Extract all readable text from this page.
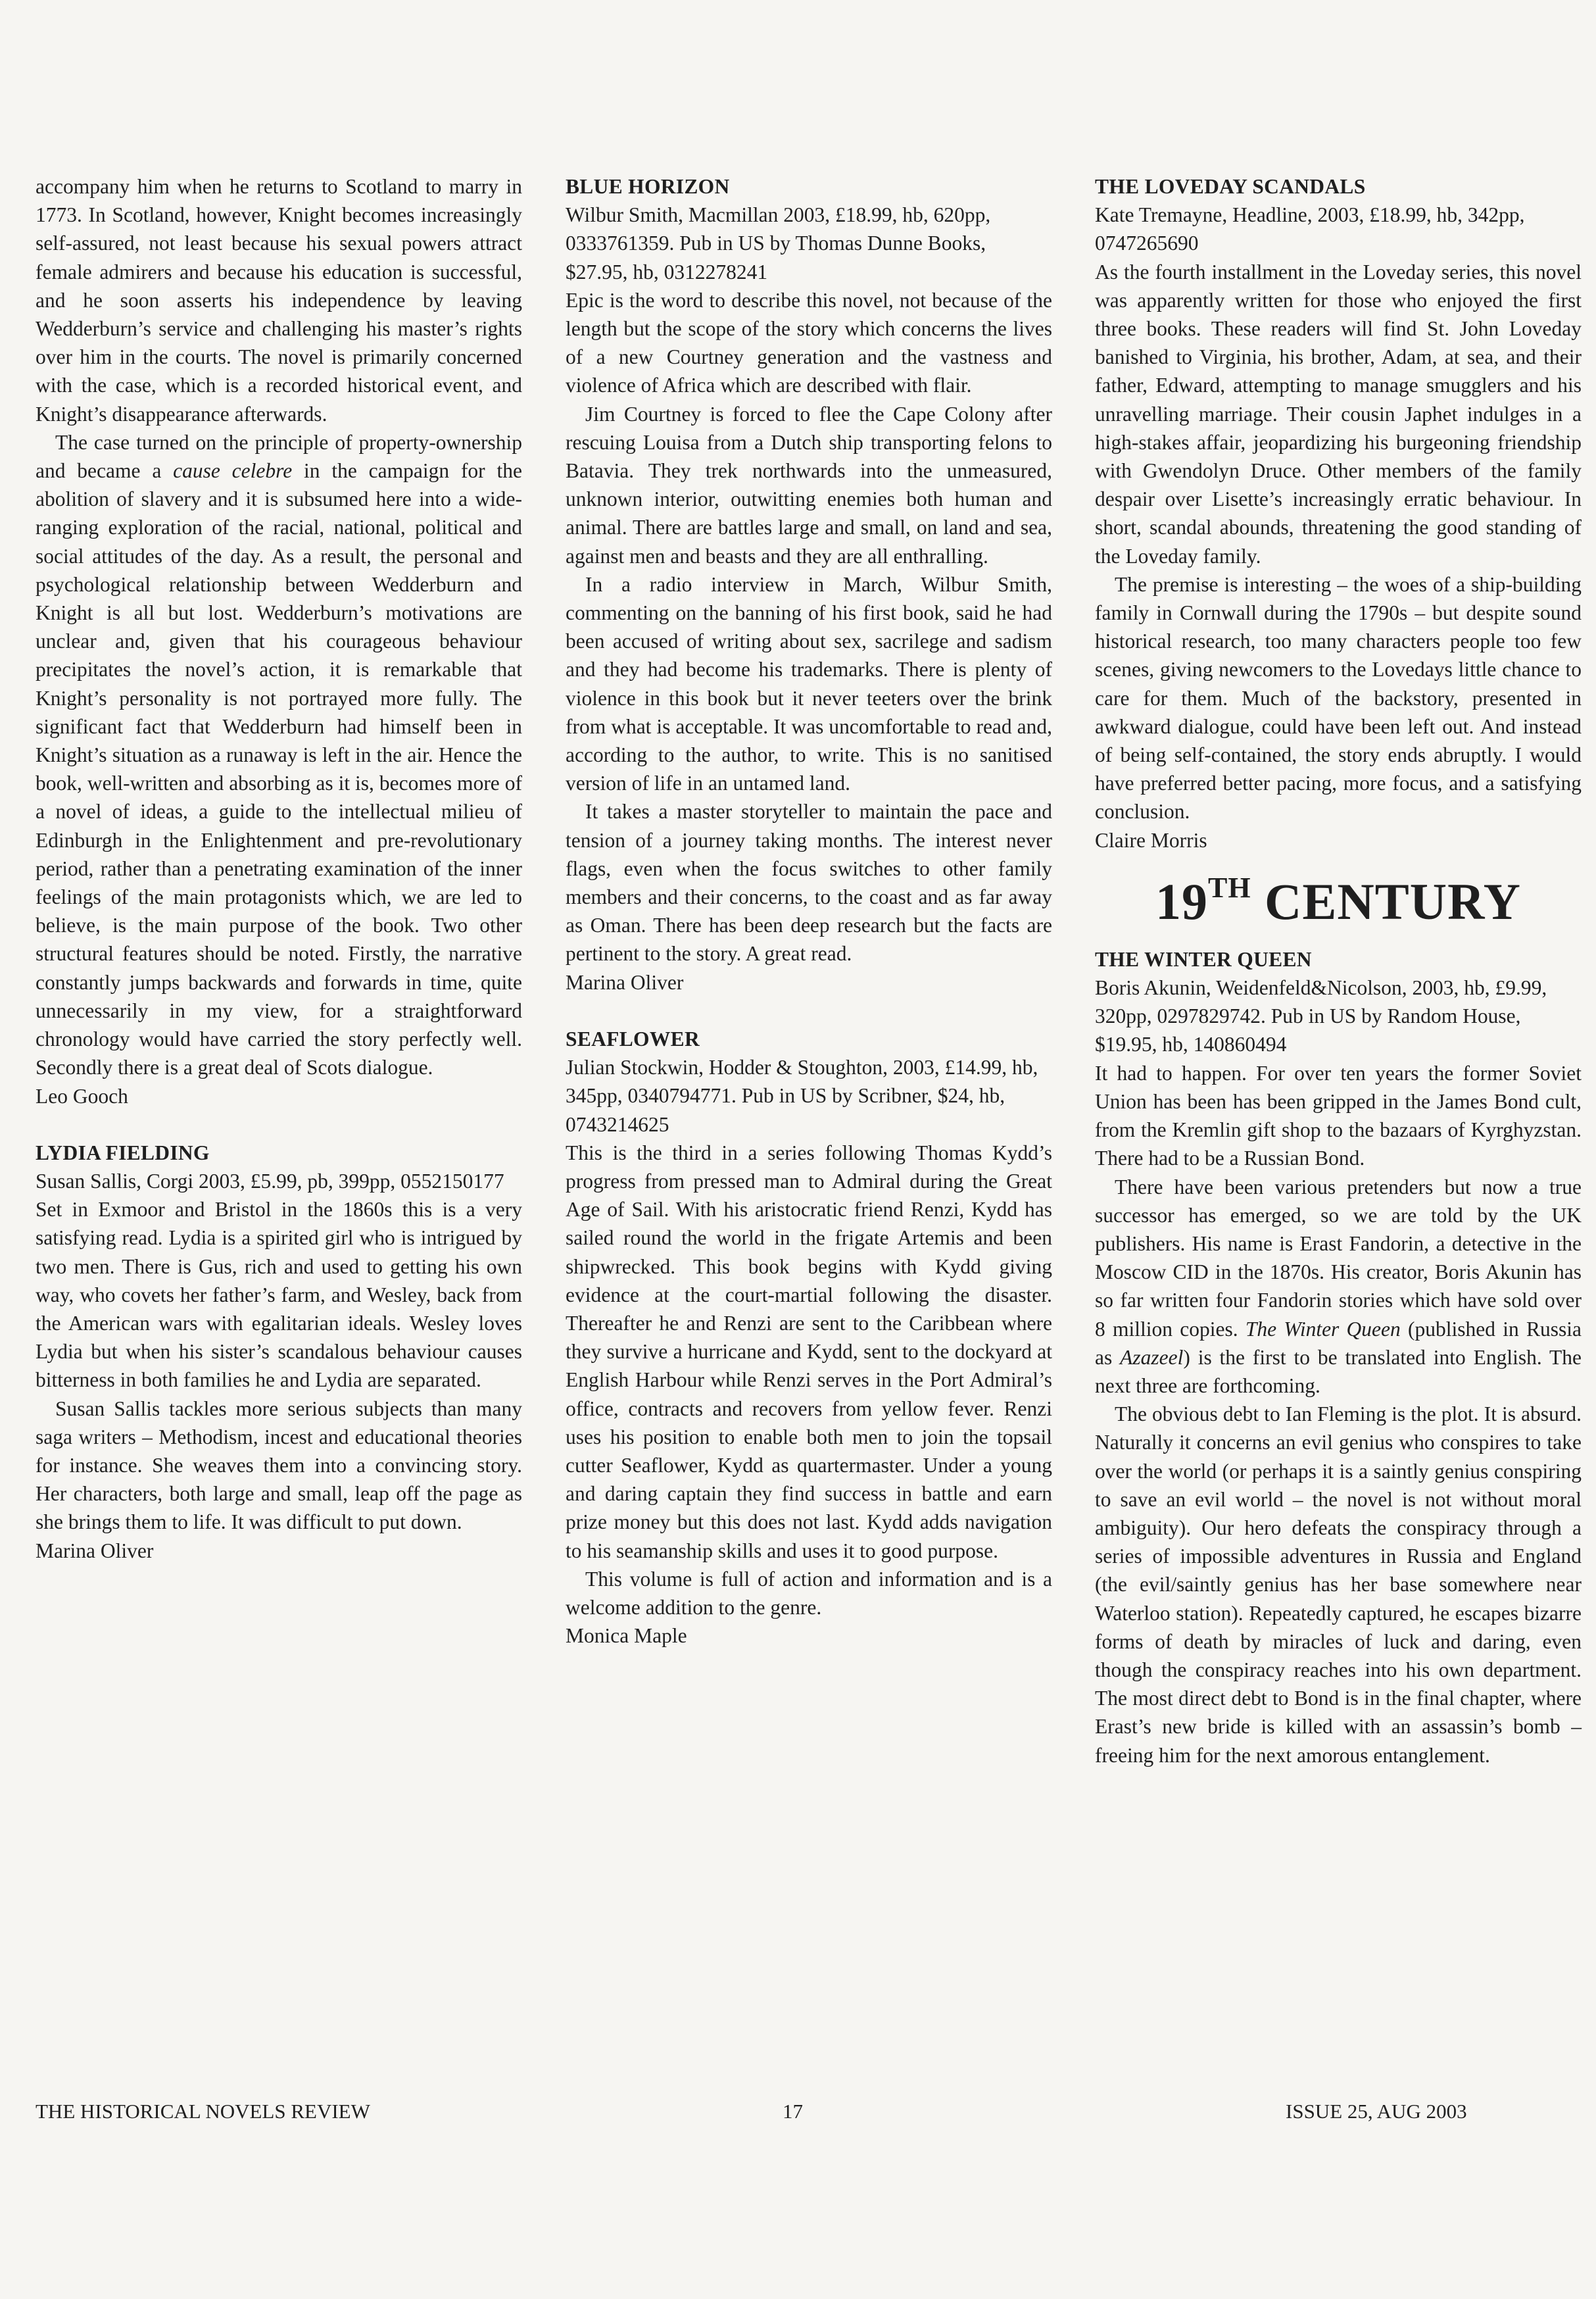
accompany him when he returns to Scotland to marry in 1773. In Scotland, however, Knight becomes increasingly self-assured, not least because his sexual powers attract female admirers and because his education is successful, and he soon asserts his independence by leaving Wedderburn’s service and challenging his master’s rights over him in the courts. The novel is primarily concerned with the case, which is a recorded historical event, and Knight’s disappearance afterwards.

The case turned on the principle of property-ownership and became a cause celebre in the campaign for the abolition of slavery and it is subsumed here into a wide-ranging exploration of the racial, national, political and social attitudes of the day. As a result, the personal and psychological relationship between Wedderburn and Knight is all but lost. Wedderburn’s motivations are unclear and, given that his courageous behaviour precipitates the novel’s action, it is remarkable that Knight’s personality is not portrayed more fully. The significant fact that Wedderburn had himself been in Knight’s situation as a runaway is left in the air. Hence the book, well-written and absorbing as it is, becomes more of a novel of ideas, a guide to the intellectual milieu of Edinburgh in the Enlightenment and pre-revolutionary period, rather than a penetrating examination of the inner feelings of the main protagonists which, we are led to believe, is the main purpose of the book. Two other structural features should be noted. Firstly, the narrative constantly jumps backwards and forwards in time, quite unnecessarily in my view, for a straightforward chronology would have carried the story perfectly well. Secondly there is a great deal of Scots dialogue.

Leo Gooch

LYDIA FIELDING

Susan Sallis, Corgi 2003, £5.99, pb, 399pp, 0552150177

Set in Exmoor and Bristol in the 1860s this is a very satisfying read. Lydia is a spirited girl who is intrigued by two men. There is Gus, rich and used to getting his own way, who covets her father’s farm, and Wesley, back from the American wars with egalitarian ideals. Wesley loves Lydia but when his sister’s scandalous behaviour causes bitterness in both families he and Lydia are separated.

Susan Sallis tackles more serious subjects than many saga writers – Methodism, incest and educational theories for instance. She weaves them into a convincing story. Her characters, both large and small, leap off the page as she brings them to life. It was difficult to put down.

Marina Oliver

BLUE HORIZON

Wilbur Smith, Macmillan 2003, £18.99, hb, 620pp, 0333761359. Pub in US by Thomas Dunne Books, $27.95, hb, 0312278241

Epic is the word to describe this novel, not because of the length but the scope of the story which concerns the lives of a new Courtney generation and the vastness and violence of Africa which are described with flair.

Jim Courtney is forced to flee the Cape Colony after rescuing Louisa from a Dutch ship transporting felons to Batavia. They trek northwards into the unmeasured, unknown interior, outwitting enemies both human and animal. There are battles large and small, on land and sea, against men and beasts and they are all enthralling.

In a radio interview in March, Wilbur Smith, commenting on the banning of his first book, said he had been accused of writing about sex, sacrilege and sadism and they had become his trademarks. There is plenty of violence in this book but it never teeters over the brink from what is acceptable. It was uncomfortable to read and, according to the author, to write. This is no sanitised version of life in an untamed land.

It takes a master storyteller to maintain the pace and tension of a journey taking months. The interest never flags, even when the focus switches to other family members and their concerns, to the coast and as far away as Oman. There has been deep research but the facts are pertinent to the story. A great read.

Marina Oliver

SEAFLOWER

Julian Stockwin, Hodder & Stoughton, 2003, £14.99, hb, 345pp, 0340794771. Pub in US by Scribner, $24, hb, 0743214625

This is the third in a series following Thomas Kydd’s progress from pressed man to Admiral during the Great Age of Sail. With his aristocratic friend Renzi, Kydd has sailed round the world in the frigate Artemis and been shipwrecked. This book begins with Kydd giving evidence at the court-martial following the disaster. Thereafter he and Renzi are sent to the Caribbean where they survive a hurricane and Kydd, sent to the dockyard at English Harbour while Renzi serves in the Port Admiral’s office, contracts and recovers from yellow fever. Renzi uses his position to enable both men to join the topsail cutter Seaflower, Kydd as quartermaster. Under a young and daring captain they find success in battle and earn prize money but this does not last. Kydd adds navigation to his seamanship skills and uses it to good purpose.

This volume is full of action and information and is a welcome addition to the genre.

Monica Maple

THE LOVEDAY SCANDALS

Kate Tremayne, Headline, 2003, £18.99, hb, 342pp, 0747265690

As the fourth installment in the Loveday series, this novel was apparently written for those who enjoyed the first three books. These readers will find St. John Loveday banished to Virginia, his brother, Adam, at sea, and their father, Edward, attempting to manage smugglers and his unravelling marriage. Their cousin Japhet indulges in a high-stakes affair, jeopardizing his burgeoning friendship with Gwendolyn Druce. Other members of the family despair over Lisette’s increasingly erratic behaviour. In short, scandal abounds, threatening the good standing of the Loveday family.

The premise is interesting – the woes of a ship-building family in Cornwall during the 1790s – but despite sound historical research, too many characters people too few scenes, giving newcomers to the Lovedays little chance to care for them. Much of the backstory, presented in awkward dialogue, could have been left out. And instead of being self-contained, the story ends abruptly. I would have preferred better pacing, more focus, and a satisfying conclusion.

Claire Morris

19TH CENTURY

THE WINTER QUEEN

Boris Akunin, Weidenfeld&Nicolson, 2003, hb, £9.99, 320pp, 0297829742. Pub in US by Random House, $19.95, hb, 140860494

It had to happen. For over ten years the former Soviet Union has been has been gripped in the James Bond cult, from the Kremlin gift shop to the bazaars of Kyrghyzstan. There had to be a Russian Bond.

There have been various pretenders but now a true successor has emerged, so we are told by the UK publishers. His name is Erast Fandorin, a detective in the Moscow CID in the 1870s. His creator, Boris Akunin has so far written four Fandorin stories which have sold over 8 million copies. The Winter Queen (published in Russia as Azazeel) is the first to be translated into English. The next three are forthcoming.

The obvious debt to Ian Fleming is the plot. It is absurd. Naturally it concerns an evil genius who conspires to take over the world (or perhaps it is a saintly genius conspiring to save an evil world – the novel is not without moral ambiguity). Our hero defeats the conspiracy through a series of impossible adventures in Russia and England (the evil/saintly genius has her base somewhere near Waterloo station). Repeatedly captured, he escapes bizarre forms of death by miracles of luck and daring, even though the conspiracy reaches into his own department. The most direct debt to Bond is in the final chapter, where Erast’s new bride is killed with an assassin’s bomb – freeing him for the next amorous entanglement.

THE HISTORICAL NOVELS REVIEW	17	ISSUE 25, AUG 2003
